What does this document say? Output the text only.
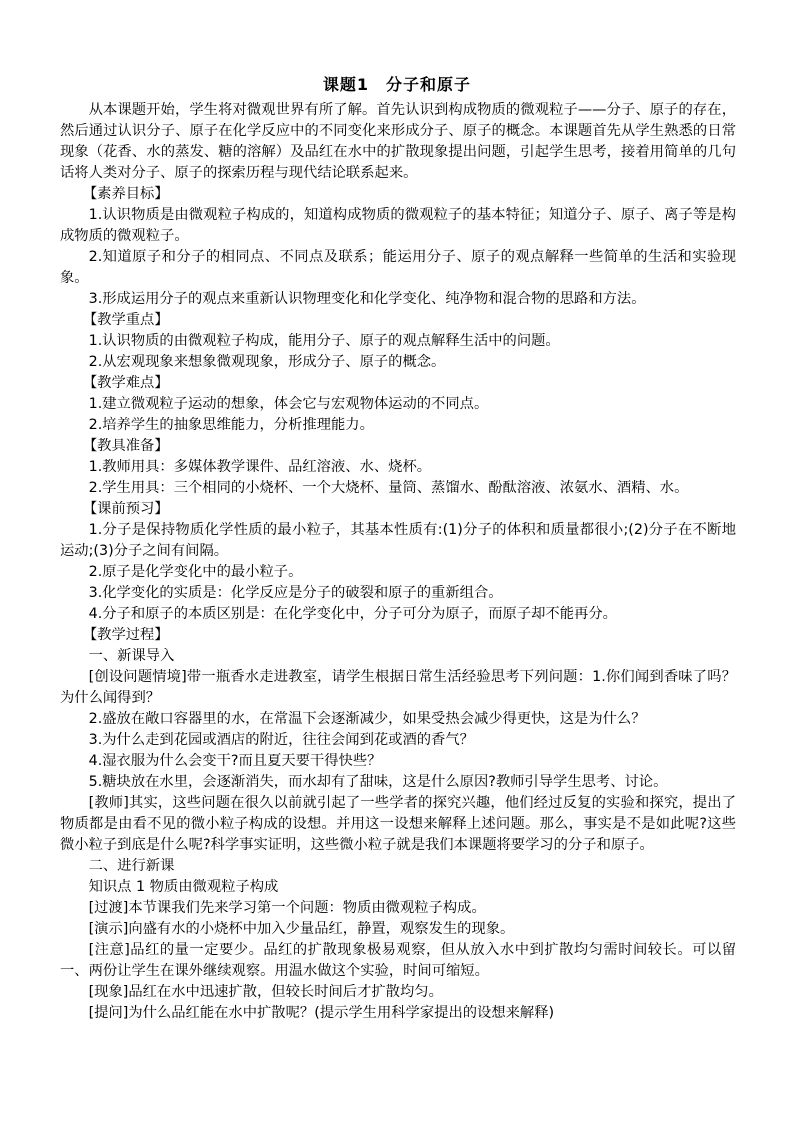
课题1　分子和原子

从本课题开始，学生将对微观世界有所了解。首先认识到构成物质的微观粒子——分子、原子的存在，然后通过认识分子、原子在化学反应中的不同变化来形成分子、原子的概念。本课题首先从学生熟悉的日常现象（花香、水的蒸发、糖的溶解）及品红在水中的扩散现象提出问题，引起学生思考，接着用简单的几句话将人类对分子、原子的探索历程与现代结论联系起来。

【素养目标】

1.认识物质是由微观粒子构成的，知道构成物质的微观粒子的基本特征；知道分子、原子、离子等是构成物质的微观粒子。

2.知道原子和分子的相同点、不同点及联系；能运用分子、原子的观点解释一些简单的生活和实验现象。

3.形成运用分子的观点来重新认识物理变化和化学变化、纯净物和混合物的思路和方法。

【教学重点】

1.认识物质的由微观粒子构成，能用分子、原子的观点解释生活中的问题。

2.从宏观现象来想象微观现象，形成分子、原子的概念。

【教学难点】

1.建立微观粒子运动的想象，体会它与宏观物体运动的不同点。

2.培养学生的抽象思维能力，分析推理能力。

【教具准备】

1.教师用具：多媒体教学课件、品红溶液、水、烧杯。

2.学生用具：三个相同的小烧杯、一个大烧杯、量筒、蒸馏水、酚酞溶液、浓氨水、酒精、水。

【课前预习】

1.分子是保持物质化学性质的最小粒子，其基本性质有:(1)分子的体积和质量都很小;(2)分子在不断地运动;(3)分子之间有间隔。

2.原子是化学变化中的最小粒子。

3.化学变化的实质是：化学反应是分子的破裂和原子的重新组合。

4.分子和原子的本质区别是：在化学变化中，分子可分为原子，而原子却不能再分。

【教学过程】

一、新课导入

[创设问题情境]带一瓶香水走进教室，请学生根据日常生活经验思考下列问题：1.你们闻到香味了吗？为什么闻得到？

2.盛放在敞口容器里的水，在常温下会逐渐减少，如果受热会减少得更快，这是为什么？

3.为什么走到花园或酒店的附近，往往会闻到花或酒的香气？

4.湿衣服为什么会变干?而且夏天要干得快些？

5.糖块放在水里，会逐渐消失，而水却有了甜味，这是什么原因?教师引导学生思考、讨论。

[教师]其实，这些问题在很久以前就引起了一些学者的探究兴趣，他们经过反复的实验和探究，提出了物质都是由看不见的微小粒子构成的设想。并用这一设想来解释上述问题。那么，事实是不是如此呢?这些微小粒子到底是什么呢?科学事实证明，这些微小粒子就是我们本课题将要学习的分子和原子。

二、进行新课

知识点 1 物质由微观粒子构成

[过渡]本节课我们先来学习第一个问题：物质由微观粒子构成。

[演示]向盛有水的小烧杯中加入少量品红，静置，观察发生的现象。

[注意]品红的量一定要少。品红的扩散现象极易观察，但从放入水中到扩散均匀需时间较长。可以留一、两份让学生在课外继续观察。用温水做这个实验，时间可缩短。

[现象]品红在水中迅速扩散，但较长时间后才扩散均匀。

[提问]为什么品红能在水中扩散呢？(提示学生用科学家提出的设想来解释)
